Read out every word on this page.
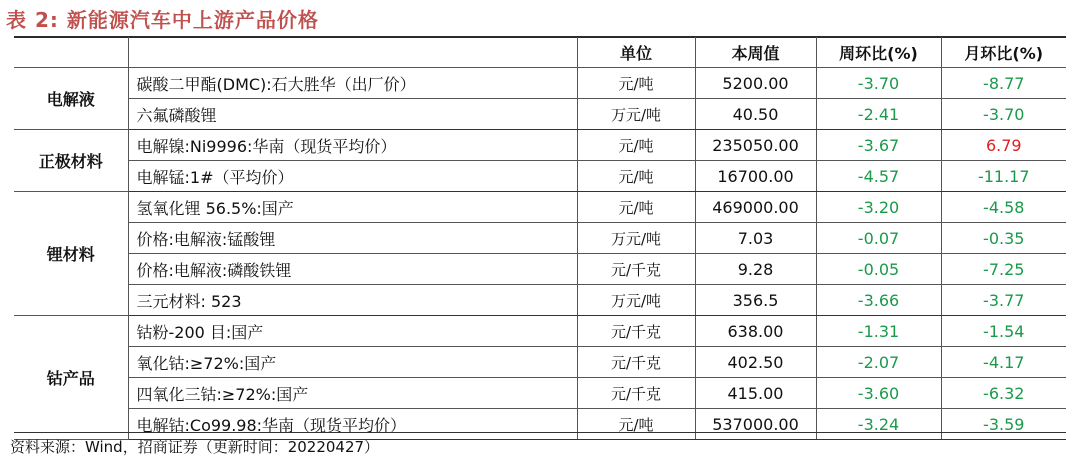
表 2: 新能源汽车中上游产品价格
		单位	本周值	周环比(%)	月环比(%)
电解液	碳酸二甲酯(DMC):石大胜华（出厂价）	元/吨	5200.00	-3.70	-8.77
	六氟磷酸锂	万元/吨	40.50	-2.41	-3.70
正极材料	电解镍:Ni9996:华南（现货平均价）	元/吨	235050.00	-3.67	6.79
	电解锰:1#（平均价）	元/吨	16700.00	-4.57	-11.17
锂材料	氢氧化锂 56.5%:国产	元/吨	469000.00	-3.20	-4.58
	价格:电解液:锰酸锂	万元/吨	7.03	-0.07	-0.35
	价格:电解液:磷酸铁锂	元/千克	9.28	-0.05	-7.25
	三元材料: 523	万元/吨	356.5	-3.66	-3.77
钴产品	钴粉-200 目:国产	元/千克	638.00	-1.31	-1.54
	氧化钴:≥72%:国产	元/千克	402.50	-2.07	-4.17
	四氧化三钴:≥72%:国产	元/千克	415.00	-3.60	-6.32
	电解钴:Co99.98:华南（现货平均价）	元/吨	537000.00	-3.24	-3.59
资料来源：Wind，招商证券（更新时间：20220427）
